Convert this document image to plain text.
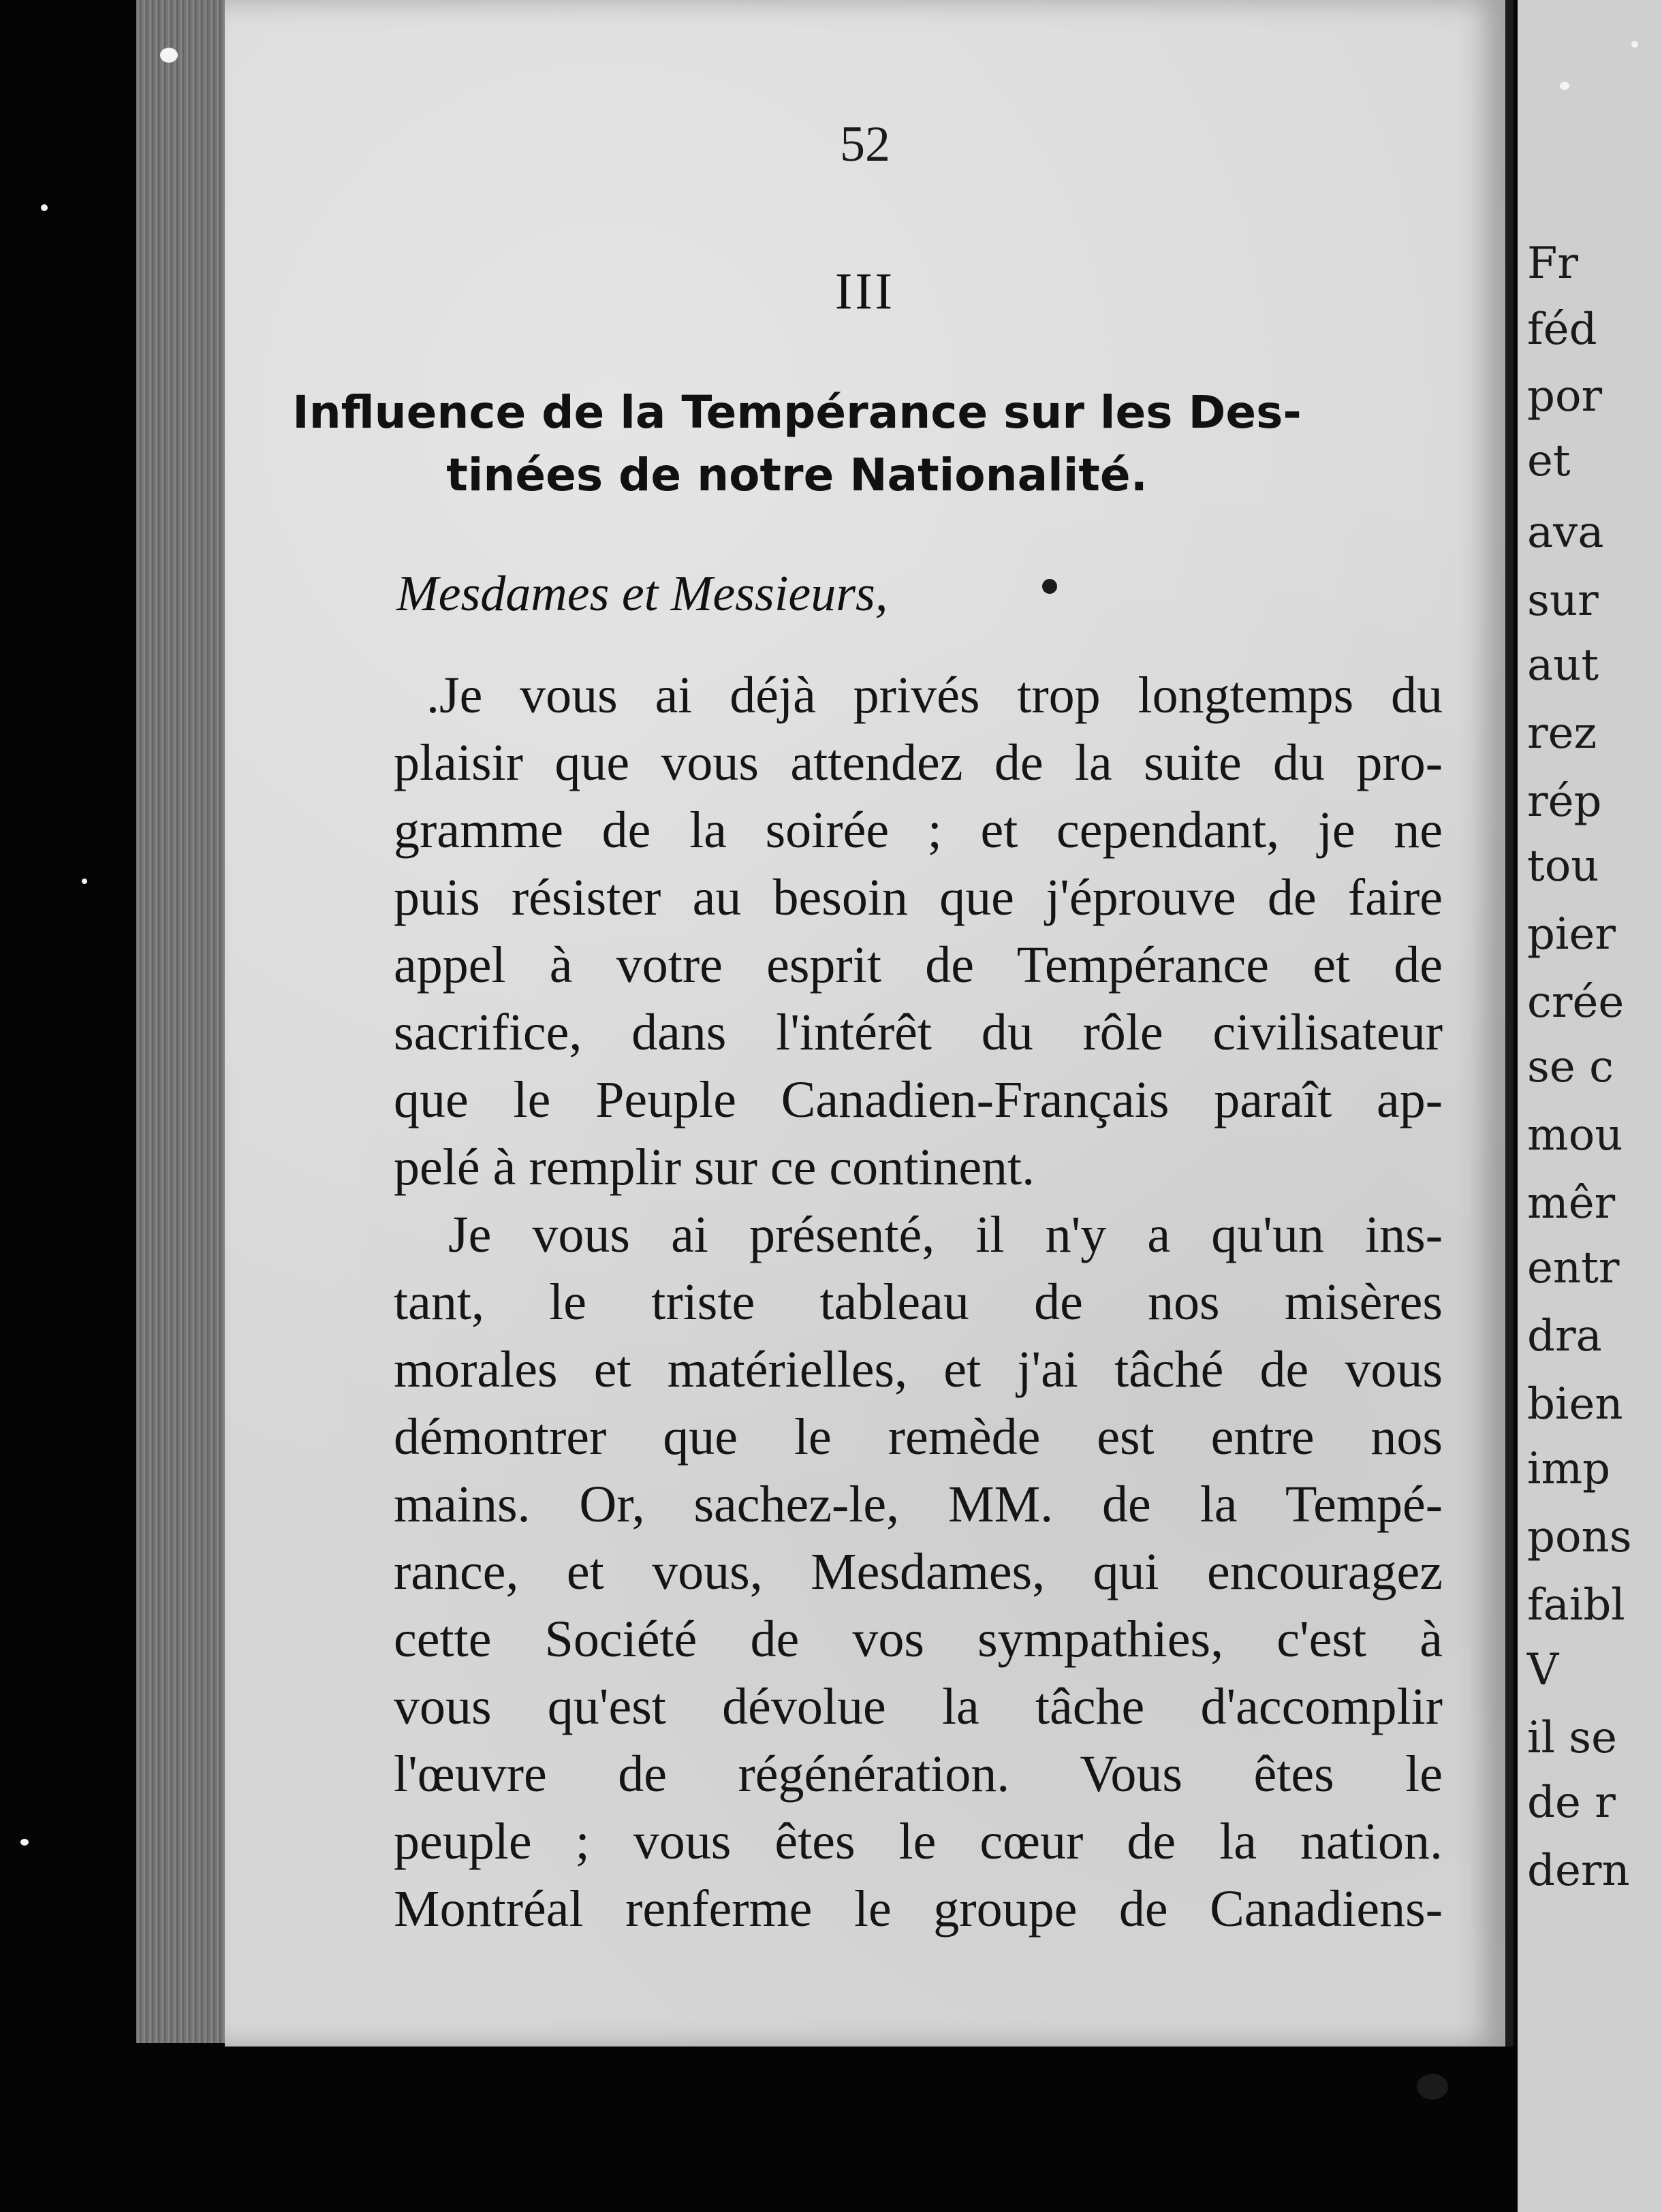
52
III
Influence de la Tempérance sur les Des-
tinées de notre Nationalité.
Mesdames et Messieurs,
.Je vous ai déjà privés trop longtemps du
plaisir que vous attendez de la suite du pro-
gramme de la soirée ; et cependant, je ne
puis résister au besoin que j'éprouve de faire
appel à votre esprit de Tempérance et de
sacrifice, dans l'intérêt du rôle civilisateur
que le Peuple Canadien-Français paraît ap-
pelé à remplir sur ce continent.
Je vous ai présenté, il n'y a qu'un ins-
tant, le triste tableau de nos misères
morales et matérielles, et j'ai tâché de vous
démontrer que le remède est entre nos
mains. Or, sachez-le, MM. de la Tempé-
rance, et vous, Mesdames, qui encouragez
cette Société de vos sympathies, c'est à
vous qu'est dévolue la tâche d'accomplir
l'œuvre de régénération. Vous êtes le
peuple ; vous êtes le cœur de la nation.
Montréal renferme le groupe de Canadiens-
Fr
féd
por
et
ava
sur
aut
rez
rép
tou
pier
crée
se c
mou
mêr
entr
dra
bien
imp
pons
faibl
V
il se
de r
dern
